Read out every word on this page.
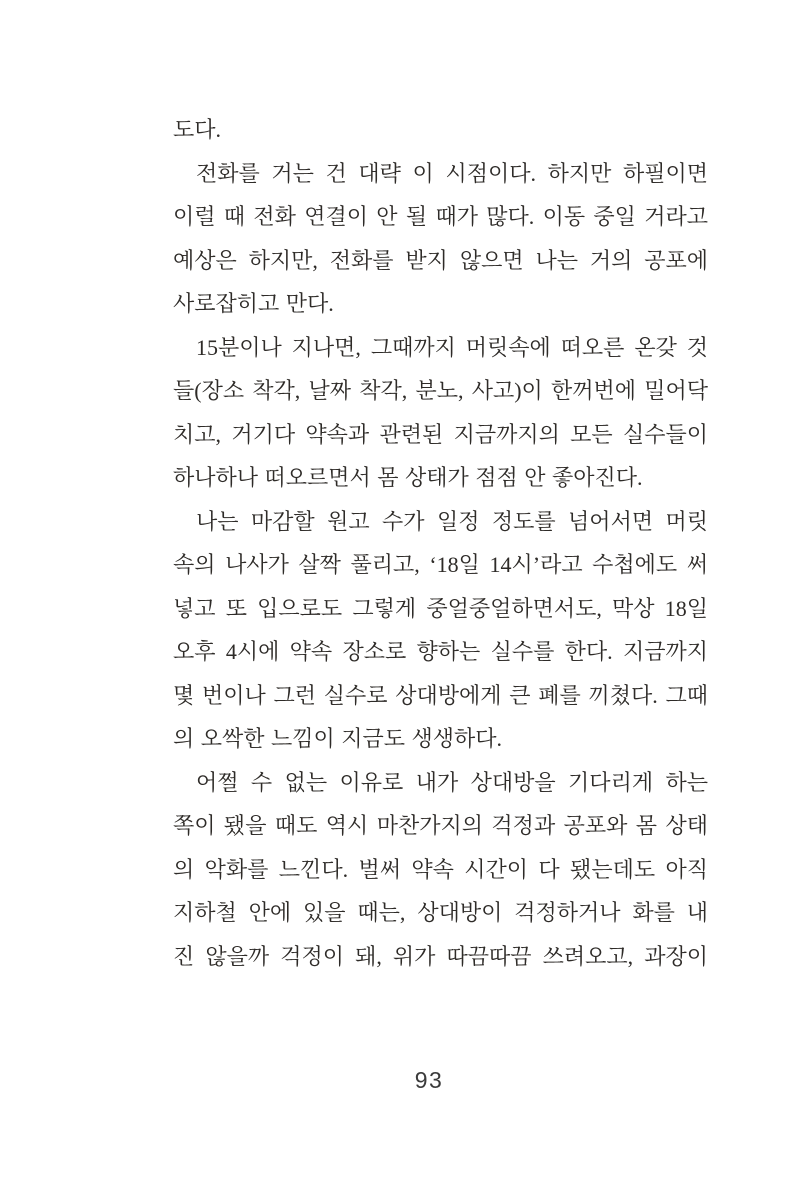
도다.
전화를 거는 건 대략 이 시점이다. 하지만 하필이면
이럴 때 전화 연결이 안 될 때가 많다. 이동 중일 거라고
예상은 하지만, 전화를 받지 않으면 나는 거의 공포에
사로잡히고 만다.
15분이나 지나면, 그때까지 머릿속에 떠오른 온갖 것
들(장소 착각, 날짜 착각, 분노, 사고)이 한꺼번에 밀어닥
치고, 거기다 약속과 관련된 지금까지의 모든 실수들이
하나하나 떠오르면서 몸 상태가 점점 안 좋아진다.
나는 마감할 원고 수가 일정 정도를 넘어서면 머릿
속의 나사가 살짝 풀리고, ‘18일 14시’라고 수첩에도 써
넣고 또 입으로도 그렇게 중얼중얼하면서도, 막상 18일
오후 4시에 약속 장소로 향하는 실수를 한다. 지금까지
몇 번이나 그런 실수로 상대방에게 큰 폐를 끼쳤다. 그때
의 오싹한 느낌이 지금도 생생하다.
어쩔 수 없는 이유로 내가 상대방을 기다리게 하는
쪽이 됐을 때도 역시 마찬가지의 걱정과 공포와 몸 상태
의 악화를 느낀다. 벌써 약속 시간이 다 됐는데도 아직
지하철 안에 있을 때는, 상대방이 걱정하거나 화를 내
진 않을까 걱정이 돼, 위가 따끔따끔 쓰려오고, 과장이
93
